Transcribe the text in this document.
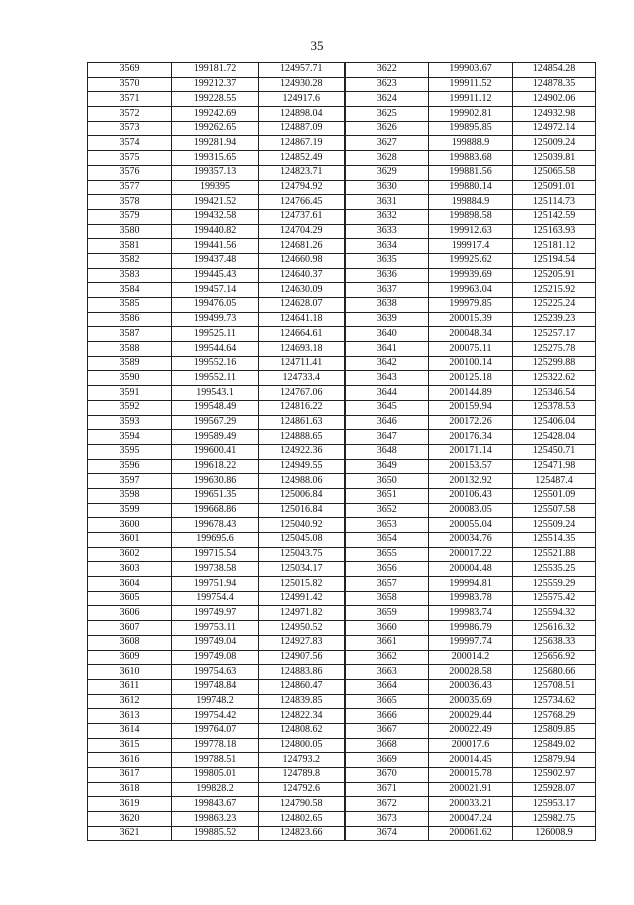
35
3569	199181.72	124957.71	3622	199903.67	124854.28
3570	199212.37	124930.28	3623	199911.52	124878.35
3571	199228.55	124917.6	3624	199911.12	124902.06
3572	199242.69	124898.04	3625	199902.81	124932.98
3573	199262.65	124887.09	3626	199895.85	124972.14
3574	199281.94	124867.19	3627	199888.9	125009.24
3575	199315.65	124852.49	3628	199883.68	125039.81
3576	199357.13	124823.71	3629	199881.56	125065.58
3577	199395	124794.92	3630	199880.14	125091.01
3578	199421.52	124766.45	3631	199884.9	125114.73
3579	199432.58	124737.61	3632	199898.58	125142.59
3580	199440.82	124704.29	3633	199912.63	125163.93
3581	199441.56	124681.26	3634	199917.4	125181.12
3582	199437.48	124660.98	3635	199925.62	125194.54
3583	199445.43	124640.37	3636	199939.69	125205.91
3584	199457.14	124630.09	3637	199963.04	125215.92
3585	199476.05	124628.07	3638	199979.85	125225.24
3586	199499.73	124641.18	3639	200015.39	125239.23
3587	199525.11	124664.61	3640	200048.34	125257.17
3588	199544.64	124693.18	3641	200075.11	125275.78
3589	199552.16	124711.41	3642	200100.14	125299.88
3590	199552.11	124733.4	3643	200125.18	125322.62
3591	199543.1	124767.06	3644	200144.89	125346.54
3592	199548.49	124816.22	3645	200159.94	125378.53
3593	199567.29	124861.63	3646	200172.26	125406.04
3594	199589.49	124888.65	3647	200176.34	125428.04
3595	199600.41	124922.36	3648	200171.14	125450.71
3596	199618.22	124949.55	3649	200153.57	125471.98
3597	199630.86	124988.06	3650	200132.92	125487.4
3598	199651.35	125006.84	3651	200106.43	125501.09
3599	199668.86	125016.84	3652	200083.05	125507.58
3600	199678.43	125040.92	3653	200055.04	125509.24
3601	199695.6	125045.08	3654	200034.76	125514.35
3602	199715.54	125043.75	3655	200017.22	125521.88
3603	199738.58	125034.17	3656	200004.48	125535.25
3604	199751.94	125015.82	3657	199994.81	125559.29
3605	199754.4	124991.42	3658	199983.78	125575.42
3606	199749.97	124971.82	3659	199983.74	125594.32
3607	199753.11	124950.52	3660	199986.79	125616.32
3608	199749.04	124927.83	3661	199997.74	125638.33
3609	199749.08	124907.56	3662	200014.2	125656.92
3610	199754.63	124883.86	3663	200028.58	125680.66
3611	199748.84	124860.47	3664	200036.43	125708.51
3612	199748.2	124839.85	3665	200035.69	125734.62
3613	199754.42	124822.34	3666	200029.44	125768.29
3614	199764.07	124808.62	3667	200022.49	125809.85
3615	199778.18	124800.05	3668	200017.6	125849.02
3616	199788.51	124793.2	3669	200014.45	125879.94
3617	199805.01	124789.8	3670	200015.78	125902.97
3618	199828.2	124792.6	3671	200021.91	125928.07
3619	199843.67	124790.58	3672	200033.21	125953.17
3620	199863.23	124802.65	3673	200047.24	125982.75
3621	199885.52	124823.66	3674	200061.62	126008.9
